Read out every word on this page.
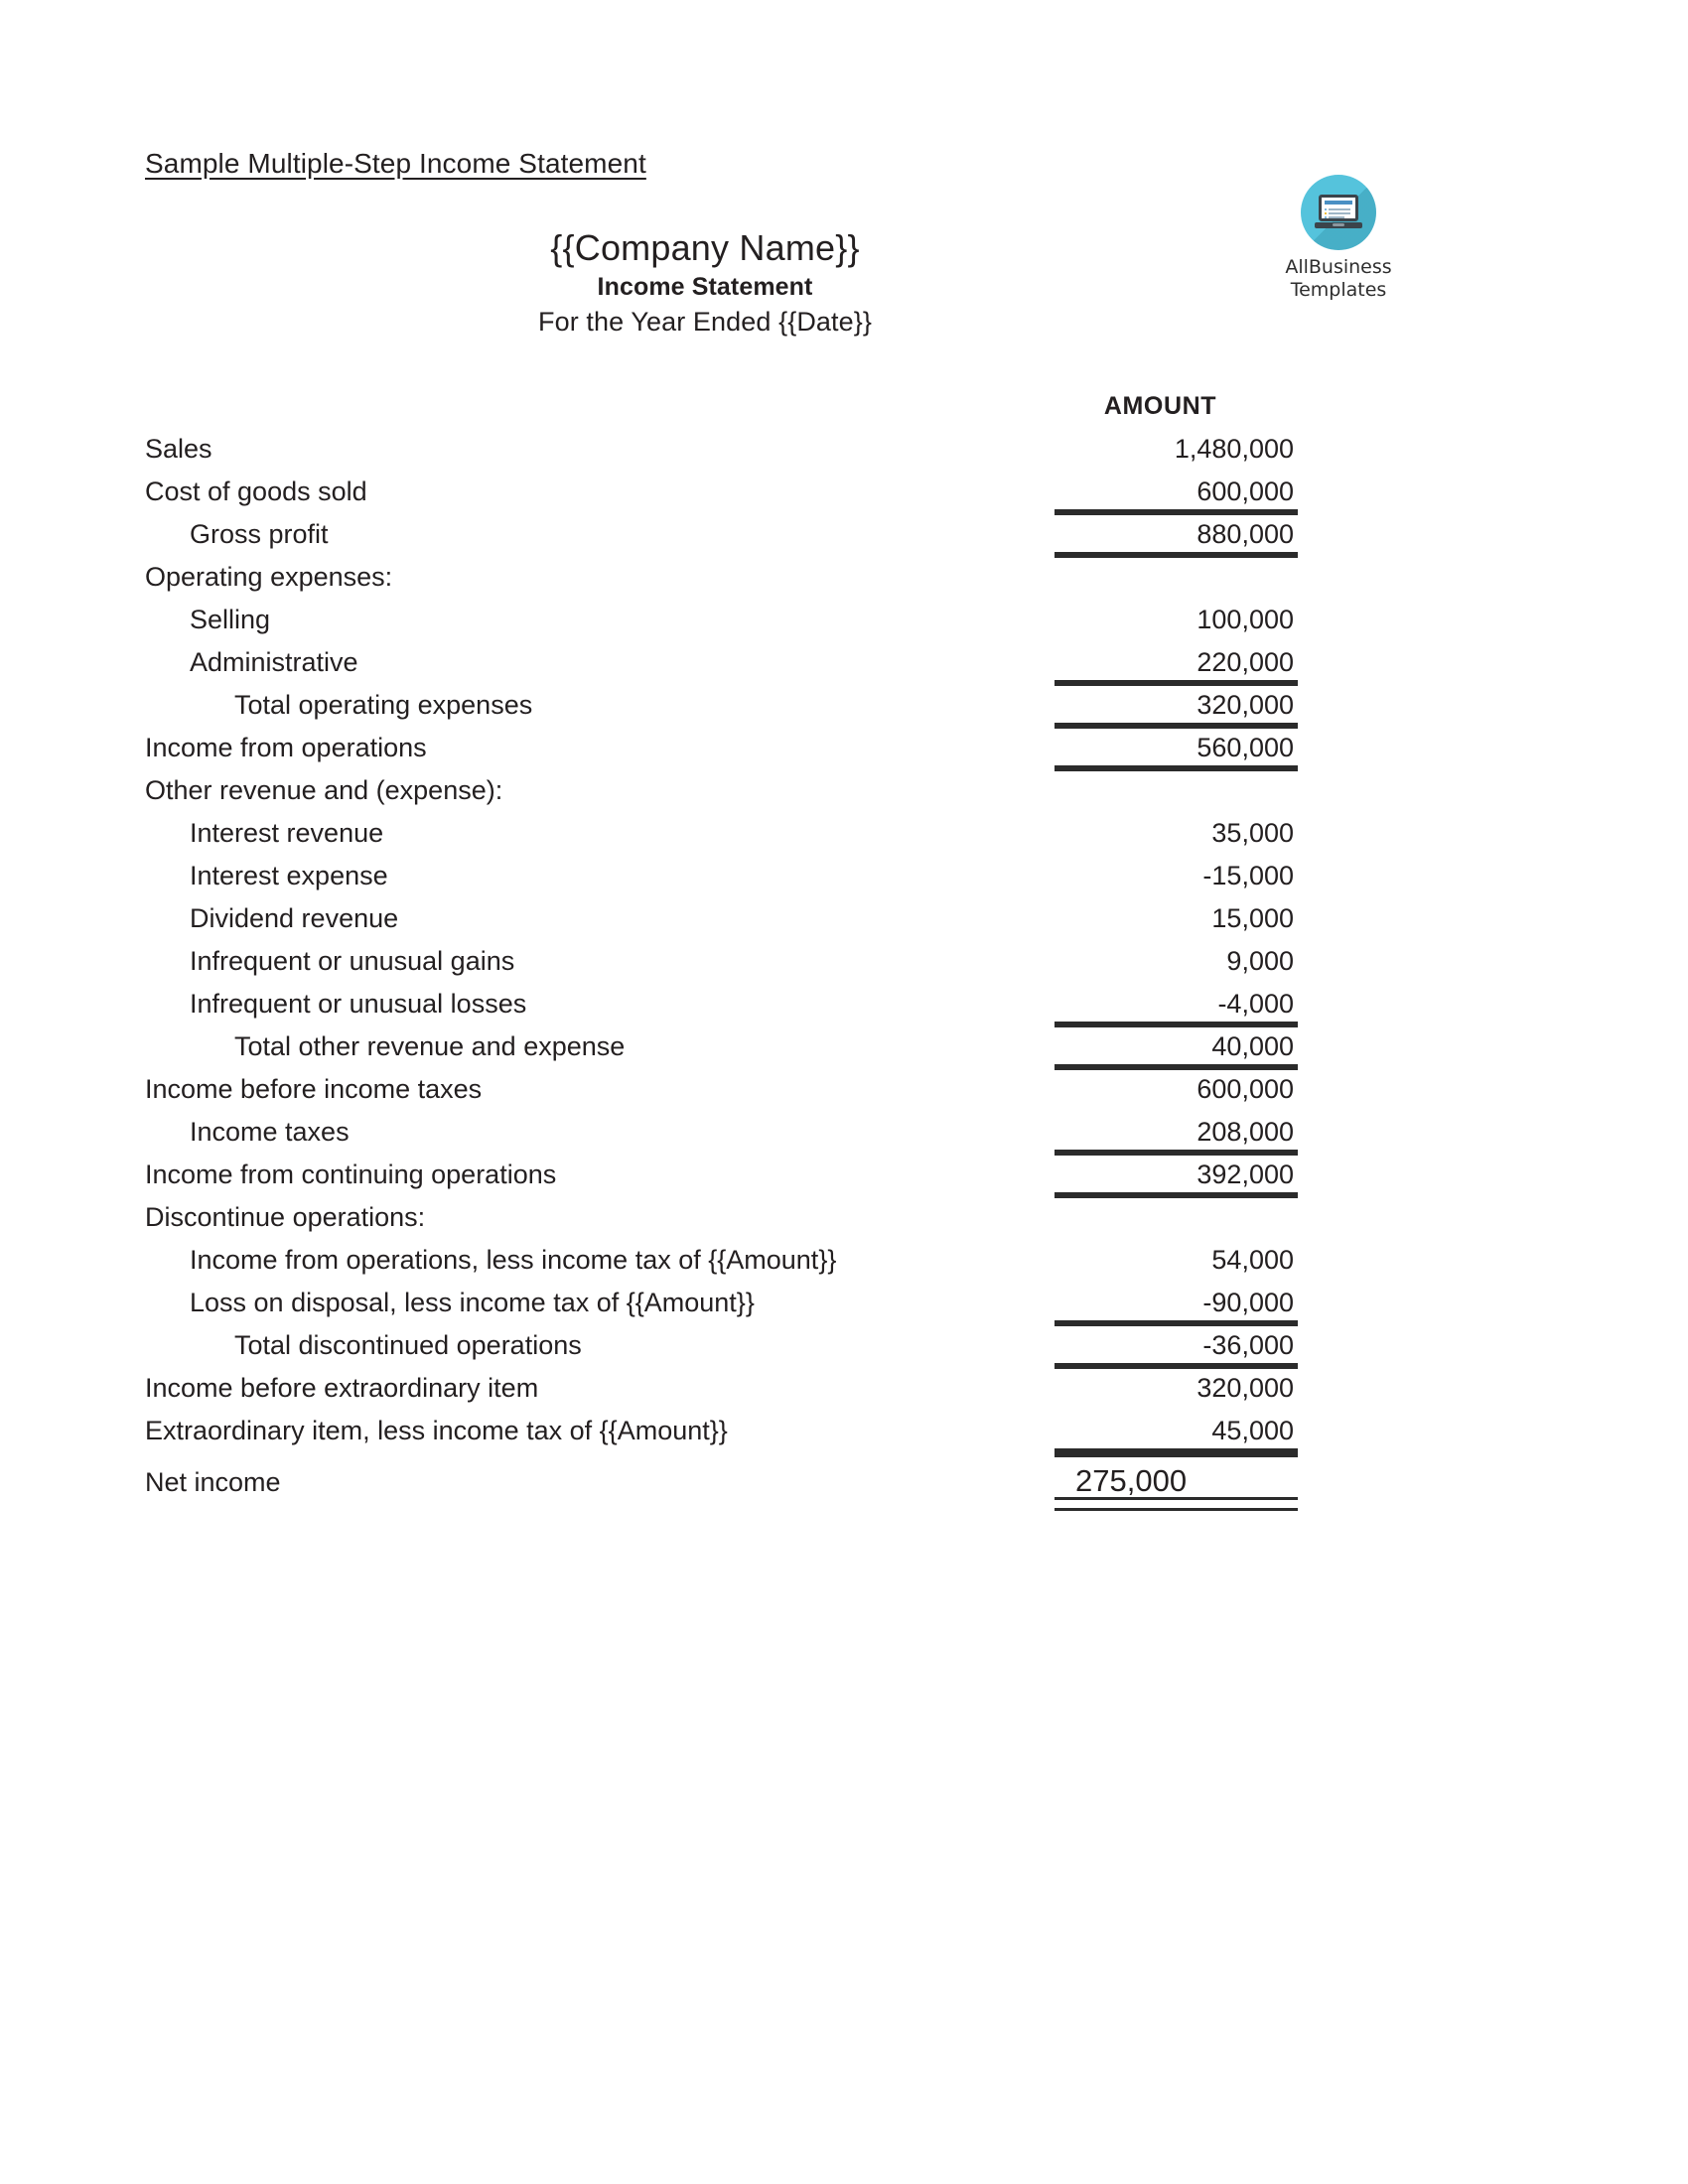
Sample Multiple-Step Income Statement
{{Company Name}}
Income Statement
For the Year Ended {{Date}}
AllBusiness
Templates
AMOUNT
Sales	1,480,000
Cost of goods sold	600,000
Gross profit	880,000
Operating expenses:
Selling	100,000
Administrative	220,000
Total operating expenses	320,000
Income from operations	560,000
Other revenue and (expense):
Interest revenue	35,000
Interest expense	-15,000
Dividend revenue	15,000
Infrequent or unusual gains	9,000
Infrequent or unusual losses	-4,000
Total other revenue and expense	40,000
Income before income taxes	600,000
Income taxes	208,000
Income from continuing operations	392,000
Discontinue operations:
Income from operations, less income tax of {{Amount}}	54,000
Loss on disposal, less income tax of {{Amount}}	-90,000
Total discontinued operations	-36,000
Income before extraordinary item	320,000
Extraordinary item, less income tax of {{Amount}}	45,000
Net income	275,000
